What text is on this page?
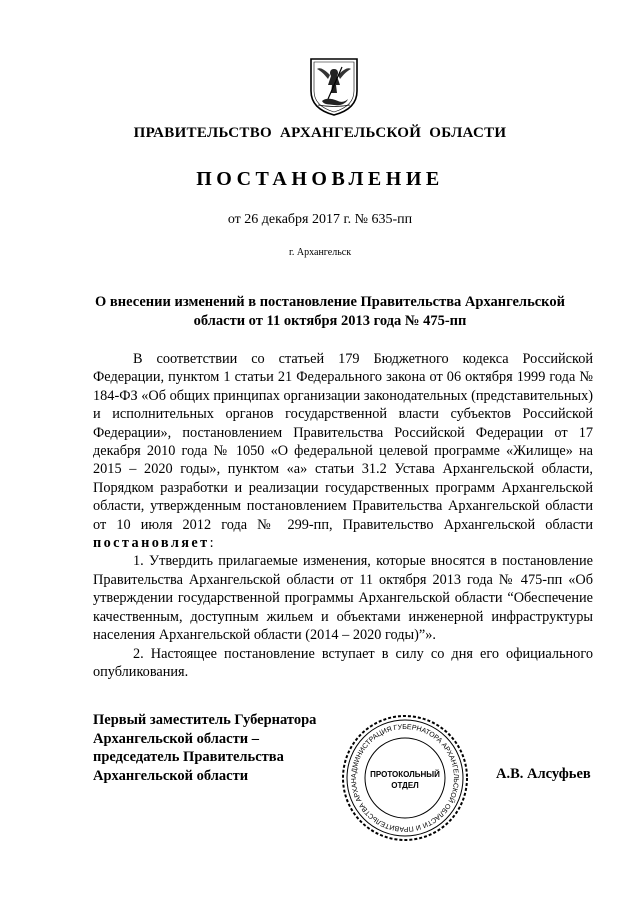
ПРАВИТЕЛЬСТВО АРХАНГЕЛЬСКОЙ ОБЛАСТИ
ПОСТАНОВЛЕНИЕ
от 26 декабря 2017 г. № 635-пп
г. Архангельск
О внесении изменений в постановление Правительства Архангельской
области от 11 октября 2013 года № 475-пп

В соответствии со статьей 179 Бюджетного кодекса Российской Федерации, пунктом 1 статьи 21 Федерального закона от 06 октября 1999 года № 184-ФЗ «Об общих принципах организации законодательных (представительных) и исполнительных органов государственной власти субъектов Российской Федерации», постановлением Правительства Российской Федерации от 17 декабря 2010 года № 1050 «О федеральной целевой программе «Жилище» на 2015 – 2020 годы», пунктом «а» статьи 31.2 Устава Архангельской области, Порядком разработки и реализации государственных программ Архангельской области, утвержденным постановлением Правительства Архангельской области от 10 июля 2012 года № 299-пп, Правительство Архангельской области постановляет:

1. Утвердить прилагаемые изменения, которые вносятся в постановление Правительства Архангельской области от 11 октября 2013 года № 475-пп «Об утверждении государственной программы Архангельской области “Обеспечение качественным, доступным жильем и объектами инженерной инфраструктуры населения Архангельской области (2014 – 2020 годы)”».

2. Настоящее постановление вступает в силу со дня его официального опубликования.

Первый заместитель Губернатора
Архангельской области –
председатель Правительства
Архангельской области	АДМИНИСТРАЦИЯ ГУБЕРНАТОРА АРХАНГЕЛЬСКОЙ ОБЛАСТИ И ПРАВИТЕЛЬСТВА АРХАН
ПРОТОКОЛЬНЫЙ
ОТДЕЛ
А.В. Алсуфьев
